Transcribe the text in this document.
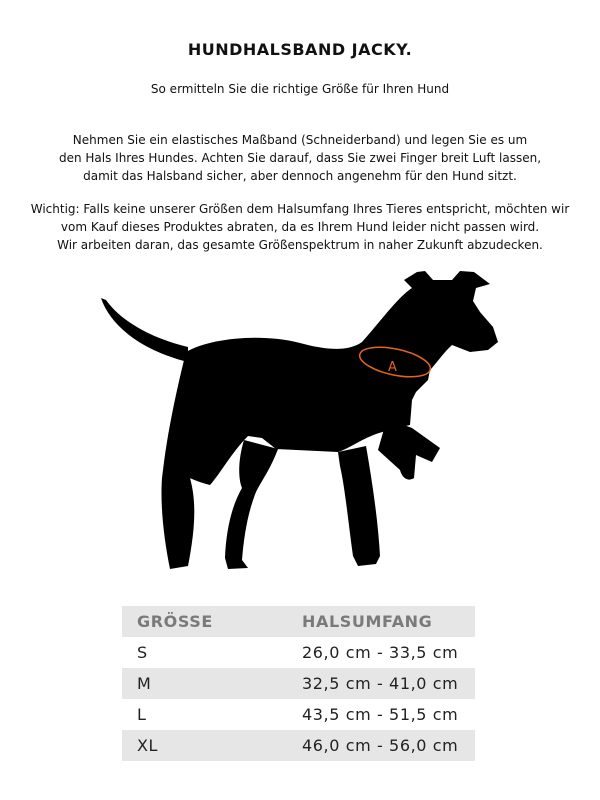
HUNDHALSBAND JACKY.
So ermitteln Sie die richtige Größe für Ihren Hund
Nehmen Sie ein elastisches Maßband (Schneiderband) und legen Sie es um
den Hals Ihres Hundes. Achten Sie darauf, dass Sie zwei Finger breit Luft lassen,
damit das Halsband sicher, aber dennoch angenehm für den Hund sitzt.
Wichtig: Falls keine unserer Größen dem Halsumfang Ihres Tieres entspricht, möchten wir
vom Kauf dieses Produktes abraten, da es Ihrem Hund leider nicht passen wird.
Wir arbeiten daran, das gesamte Größenspektrum in naher Zukunft abzudecken.
A
GRÖSSE	HALSUMFANG
S	26,0 cm - 33,5 cm
M	32,5 cm - 41,0 cm
L	43,5 cm - 51,5 cm
XL	46,0 cm - 56,0 cm
